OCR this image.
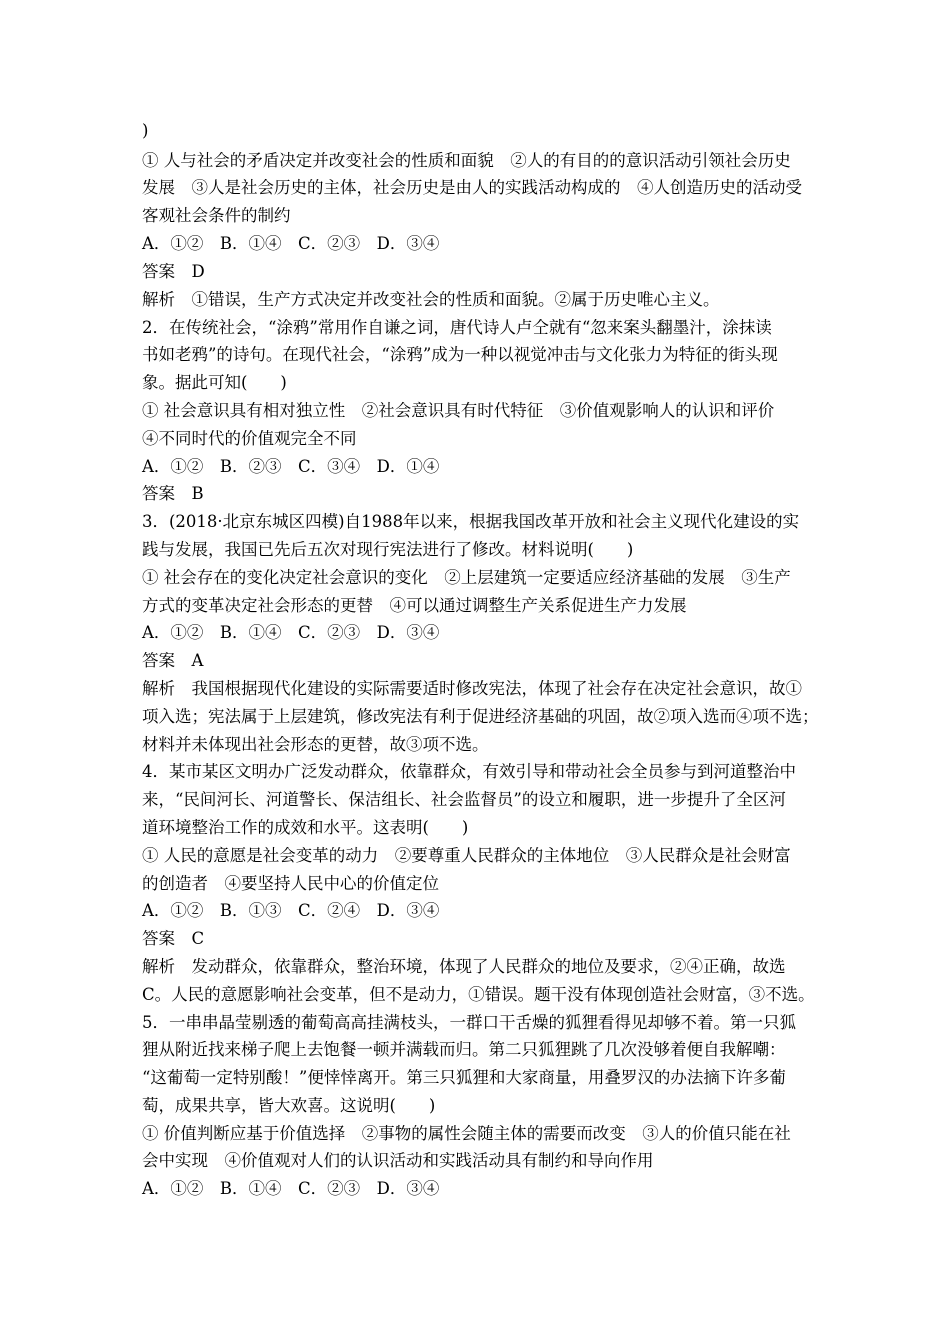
)
① 人与社会的矛盾决定并改变社会的性质和面貌　②人的有目的的意识活动引领社会历史
发展　③人是社会历史的主体，社会历史是由人的实践活动构成的　④人创造历史的活动受
客观社会条件的制约
A．①②　B．①④　C．②③　D．③④
答案　D
解析　①错误，生产方式决定并改变社会的性质和面貌。②属于历史唯心主义。
2．在传统社会，“涂鸦”常用作自谦之词，唐代诗人卢仝就有“忽来案头翻墨汁，涂抹读
书如老鸦”的诗句。在现代社会，“涂鸦”成为一种以视觉冲击与文化张力为特征的街头现
象。据此可知(　　)
① 社会意识具有相对独立性　②社会意识具有时代特征　③价值观影响人的认识和评价
④不同时代的价值观完全不同
A．①②　B．②③　C．③④　D．①④
答案　B
3．(2018·北京东城区四模)自1988年以来，根据我国改革开放和社会主义现代化建设的实
践与发展，我国已先后五次对现行宪法进行了修改。材料说明(　　)
① 社会存在的变化决定社会意识的变化　②上层建筑一定要适应经济基础的发展　③生产
方式的变革决定社会形态的更替　④可以通过调整生产关系促进生产力发展
A．①②　B．①④　C．②③　D．③④
答案　A
解析　我国根据现代化建设的实际需要适时修改宪法，体现了社会存在决定社会意识，故①
项入选；宪法属于上层建筑，修改宪法有利于促进经济基础的巩固，故②项入选而④项不选；
材料并未体现出社会形态的更替，故③项不选。
4．某市某区文明办广泛发动群众，依靠群众，有效引导和带动社会全员参与到河道整治中
来，“民间河长、河道警长、保洁组长、社会监督员”的设立和履职，进一步提升了全区河
道环境整治工作的成效和水平。这表明(　　)
① 人民的意愿是社会变革的动力　②要尊重人民群众的主体地位　③人民群众是社会财富
的创造者　④要坚持人民中心的价值定位
A．①②　B．①③　C．②④　D．③④
答案　C
解析　发动群众，依靠群众，整治环境，体现了人民群众的地位及要求，②④正确，故选
C。人民的意愿影响社会变革，但不是动力，①错误。题干没有体现创造社会财富，③不选。
5．一串串晶莹剔透的葡萄高高挂满枝头，一群口干舌燥的狐狸看得见却够不着。第一只狐
狸从附近找来梯子爬上去饱餐一顿并满载而归。第二只狐狸跳了几次没够着便自我解嘲：
“这葡萄一定特别酸！”便悻悻离开。第三只狐狸和大家商量，用叠罗汉的办法摘下许多葡
萄，成果共享，皆大欢喜。这说明(　　)
① 价值判断应基于价值选择　②事物的属性会随主体的需要而改变　③人的价值只能在社
会中实现　④价值观对人们的认识活动和实践活动具有制约和导向作用
A．①②　B．①④　C．②③　D．③④
